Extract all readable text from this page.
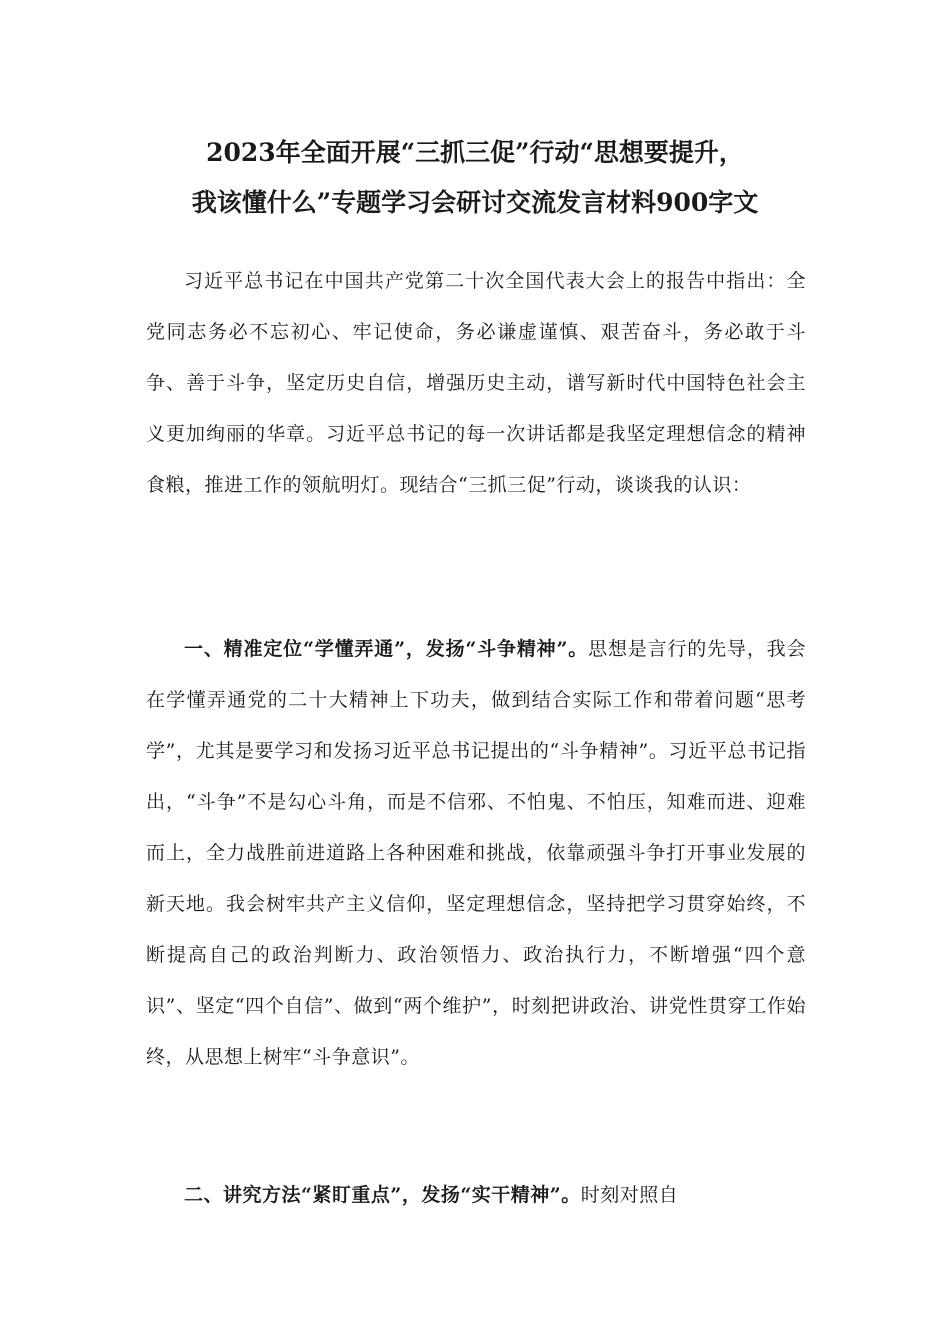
2023年全面开展“三抓三促”行动“思想要提升，
我该懂什么”专题学习会研讨交流发言材料900字文
习近平总书记在中国共产党第二十次全国代表大会上的报告中指出：全党同志务必不忘初心、牢记使命，务必谦虚谨慎、艰苦奋斗，务必敢于斗争、善于斗争，坚定历史自信，增强历史主动，谱写新时代中国特色社会主义更加绚丽的华章。习近平总书记的每一次讲话都是我坚定理想信念的精神食粮，推进工作的领航明灯。现结合“三抓三促”行动，谈谈我的认识：
一、精准定位“学懂弄通”，发扬“斗争精神”。思想是言行的先导，我会在学懂弄通党的二十大精神上下功夫，做到结合实际工作和带着问题“思考学”，尤其是要学习和发扬习近平总书记提出的“斗争精神”。习近平总书记指出，“斗争”不是勾心斗角，而是不信邪、不怕鬼、不怕压，知难而进、迎难而上，全力战胜前进道路上各种困难和挑战，依靠顽强斗争打开事业发展的新天地。我会树牢共产主义信仰，坚定理想信念，坚持把学习贯穿始终，不断提高自己的政治判断力、政治领悟力、政治执行力，不断增强“四个意识”、坚定“四个自信”、做到“两个维护”，时刻把讲政治、讲党性贯穿工作始终，从思想上树牢“斗争意识”。
二、讲究方法“紧盯重点”，发扬“实干精神”。时刻对照自
